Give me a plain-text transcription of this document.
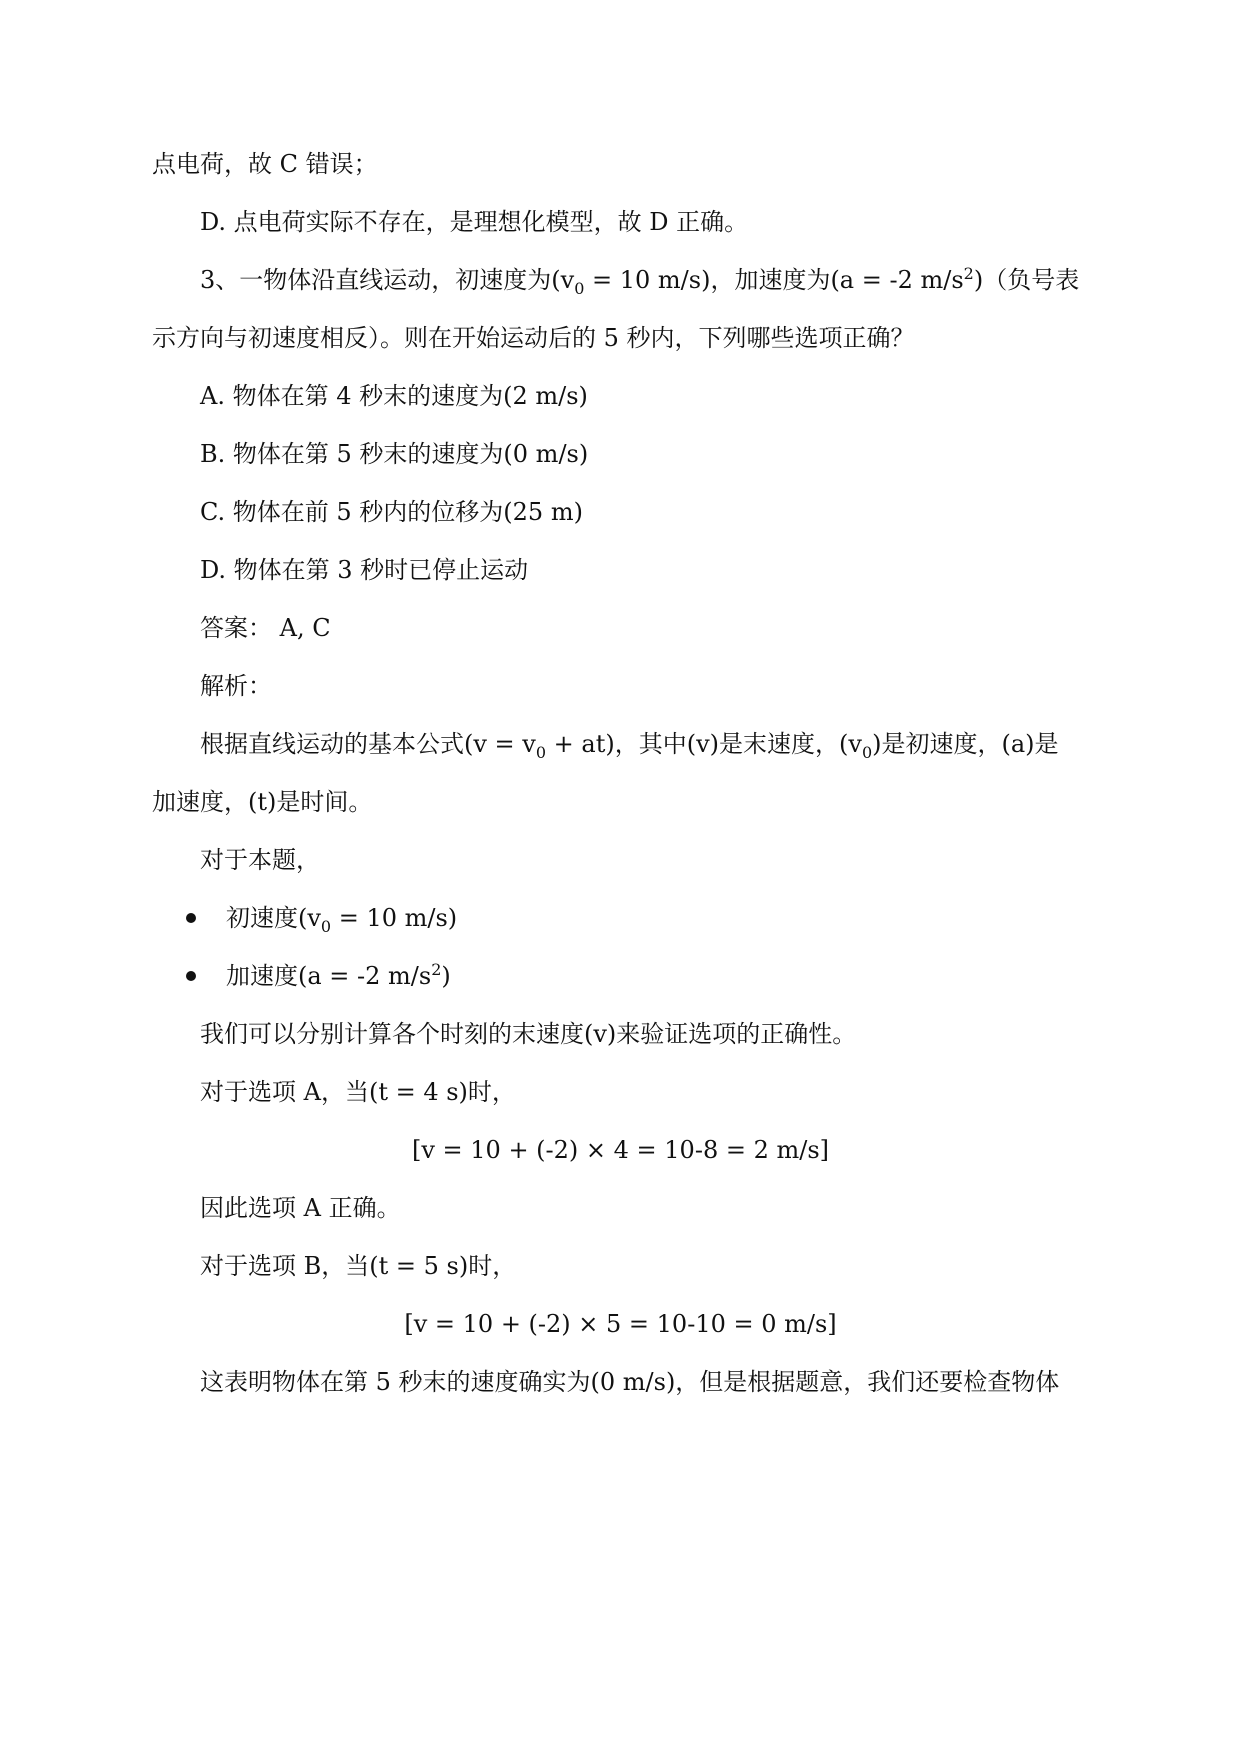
点电荷，故 C 错误；
D. 点电荷实际不存在，是理想化模型，故 D 正确。
3、一物体沿直线运动，初速度为($v_0 = 10$ m/s)，加速度为(a = -2 $m/s^2$)（负号表
示方向与初速度相反）。则在开始运动后的 5 秒内，下列哪些选项正确？
A. 物体在第 4 秒末的速度为(2 m/s)
B. 物体在第 5 秒末的速度为(0 m/s)
C. 物体在前 5 秒内的位移为(25 m)
D. 物体在第 3 秒时已停止运动
答案： A, C
解析：
根据直线运动的基本公式$(v = v_0 + at)$，其中(v)是末速度，$(v_0)$是初速度，(a)是
加速度，(t)是时间。
对于本题，
初速度($v_0 = 10$ m/s)
加速度(a = -2 $m/s^2$)
我们可以分别计算各个时刻的末速度(v)来验证选项的正确性。
对于选项 A，当(t = 4 s)时，
[v = 10 + (-2) × 4 = 10-8 = 2 m/s]
因此选项 A 正确。
对于选项 B，当(t = 5 s)时，
[v = 10 + (-2) × 5 = 10-10 = 0 m/s]
这表明物体在第 5 秒末的速度确实为(0 m/s)，但是根据题意，我们还要检查物体
